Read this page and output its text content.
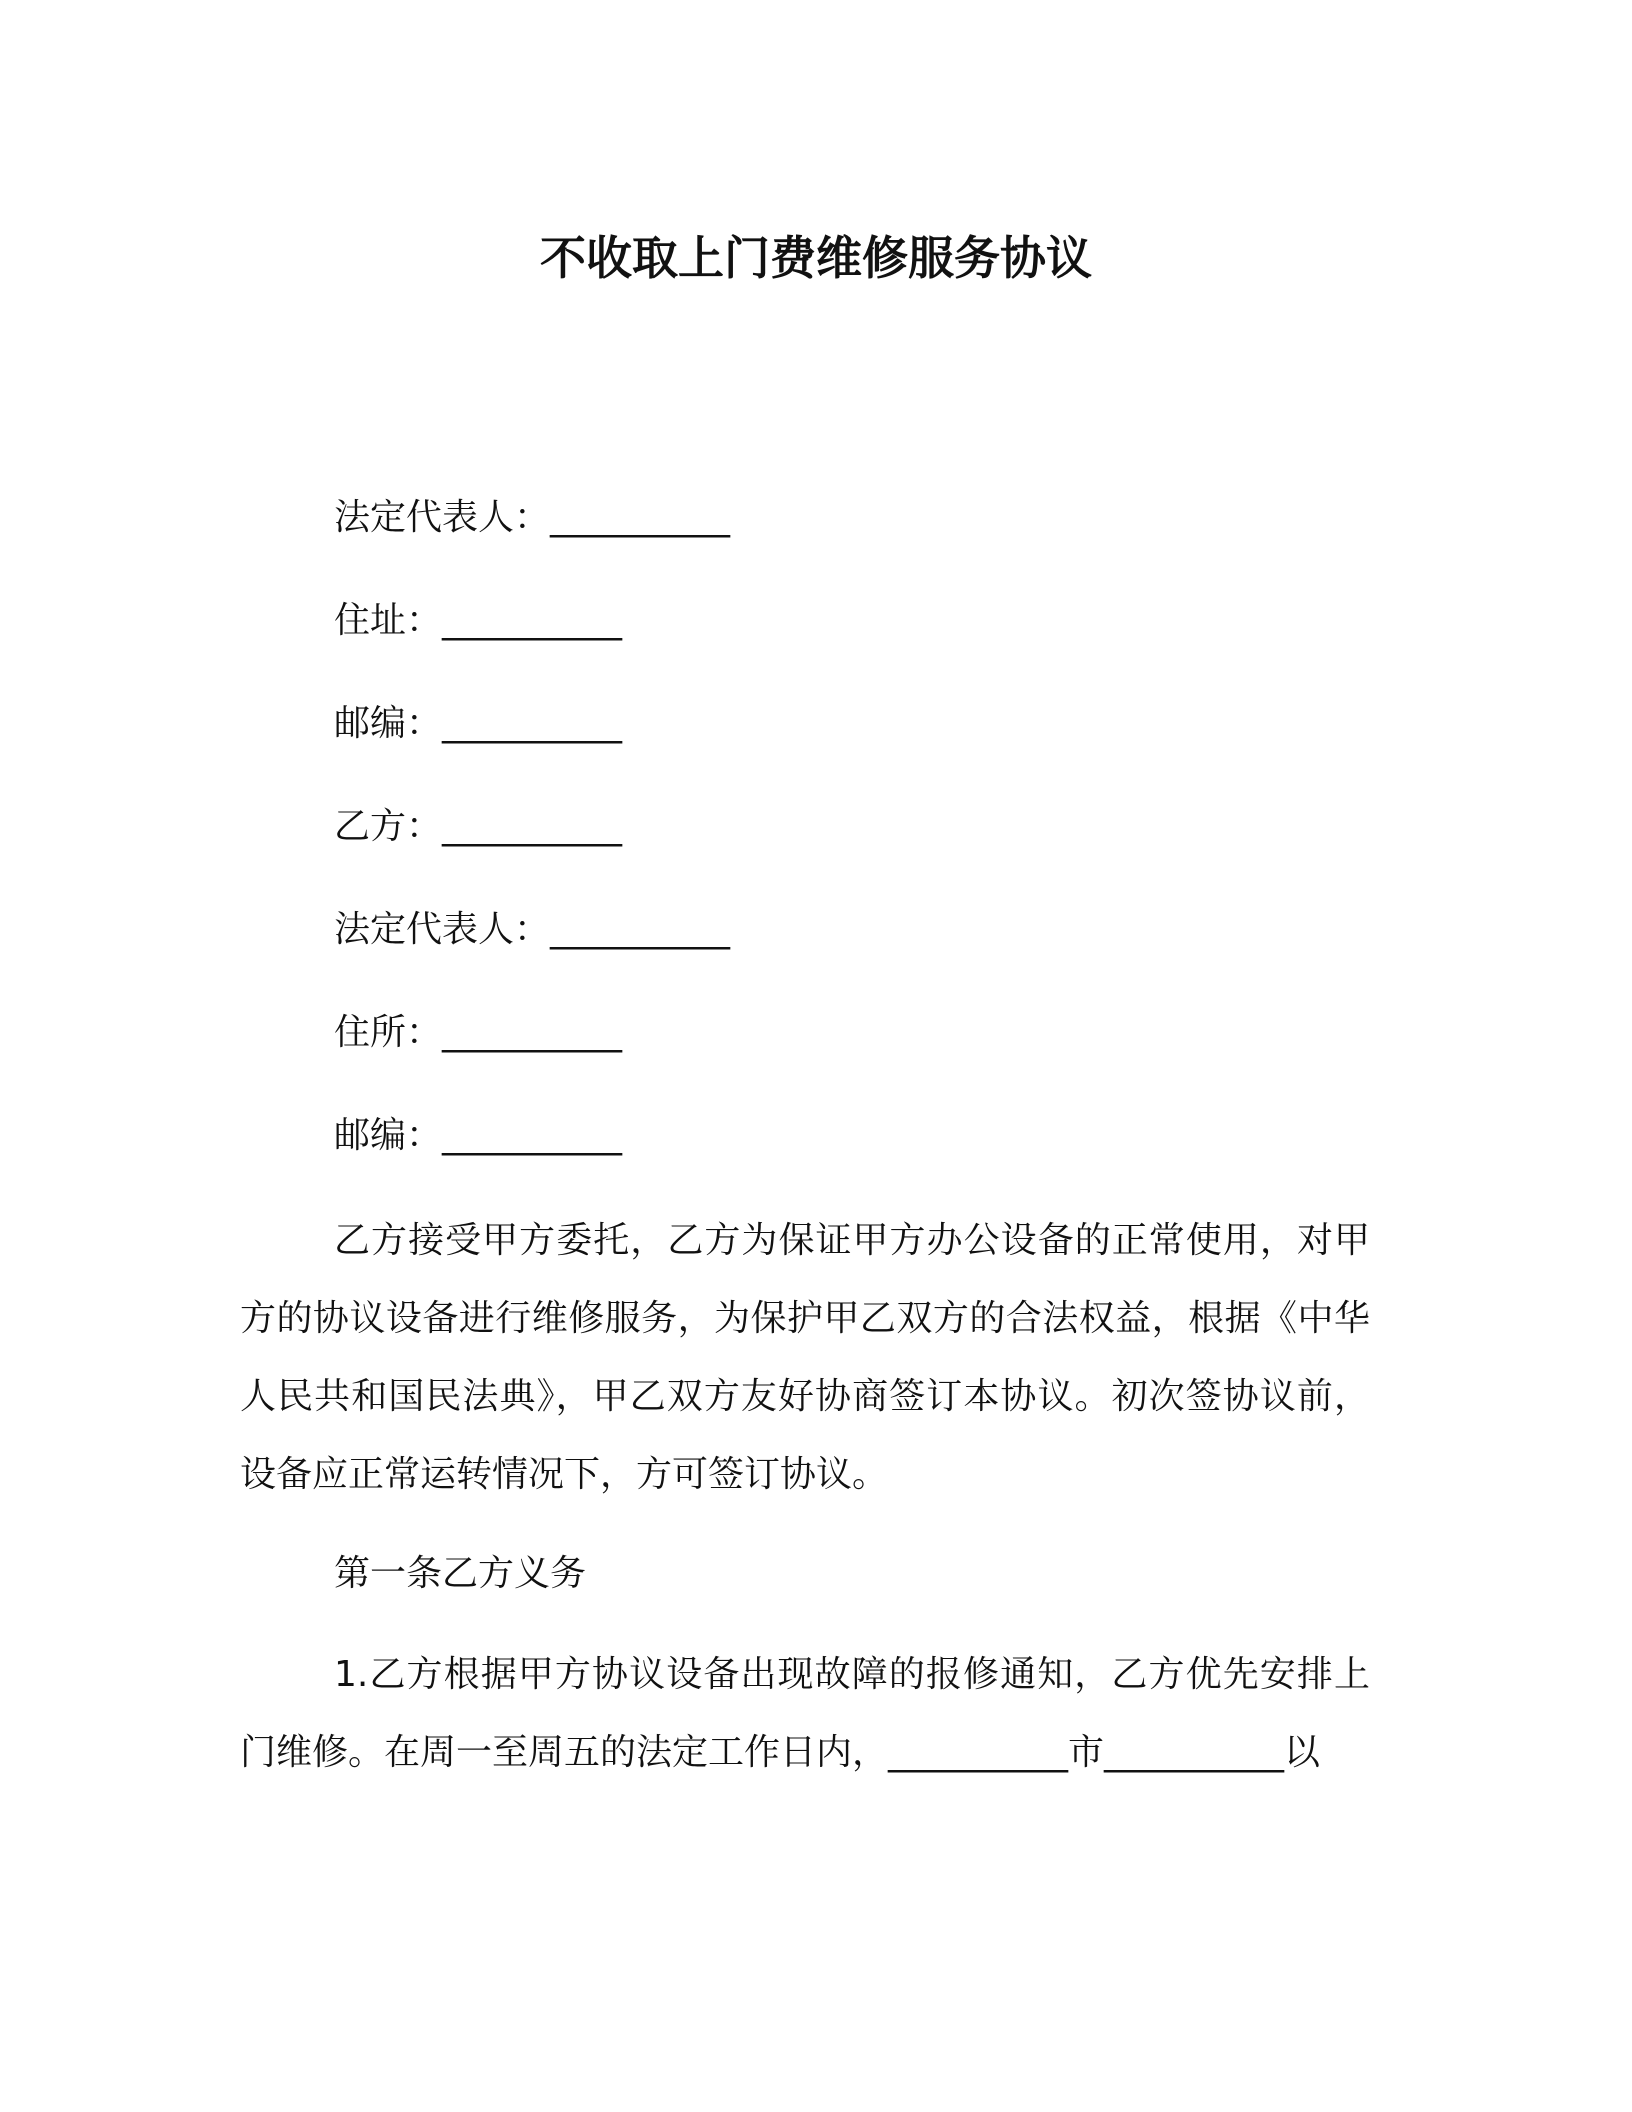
不收取上门费维修服务协议
法定代表人：__________
住址：__________
邮编：__________
乙方：__________
法定代表人：__________
住所：__________
邮编：__________
乙方接受甲方委托，乙方为保证甲方办公设备的正常使用，对甲方的协议设备进行维修服务，为保护甲乙双方的合法权益，根据《中华人民共和国民法典》，甲乙双方友好协商签订本协议。初次签协议前，设备应正常运转情况下，方可签订协议。
第一条乙方义务
1.乙方根据甲方协议设备出现故障的报修通知，乙方优先安排上门维修。在周一至周五的法定工作日内，__________市__________以
